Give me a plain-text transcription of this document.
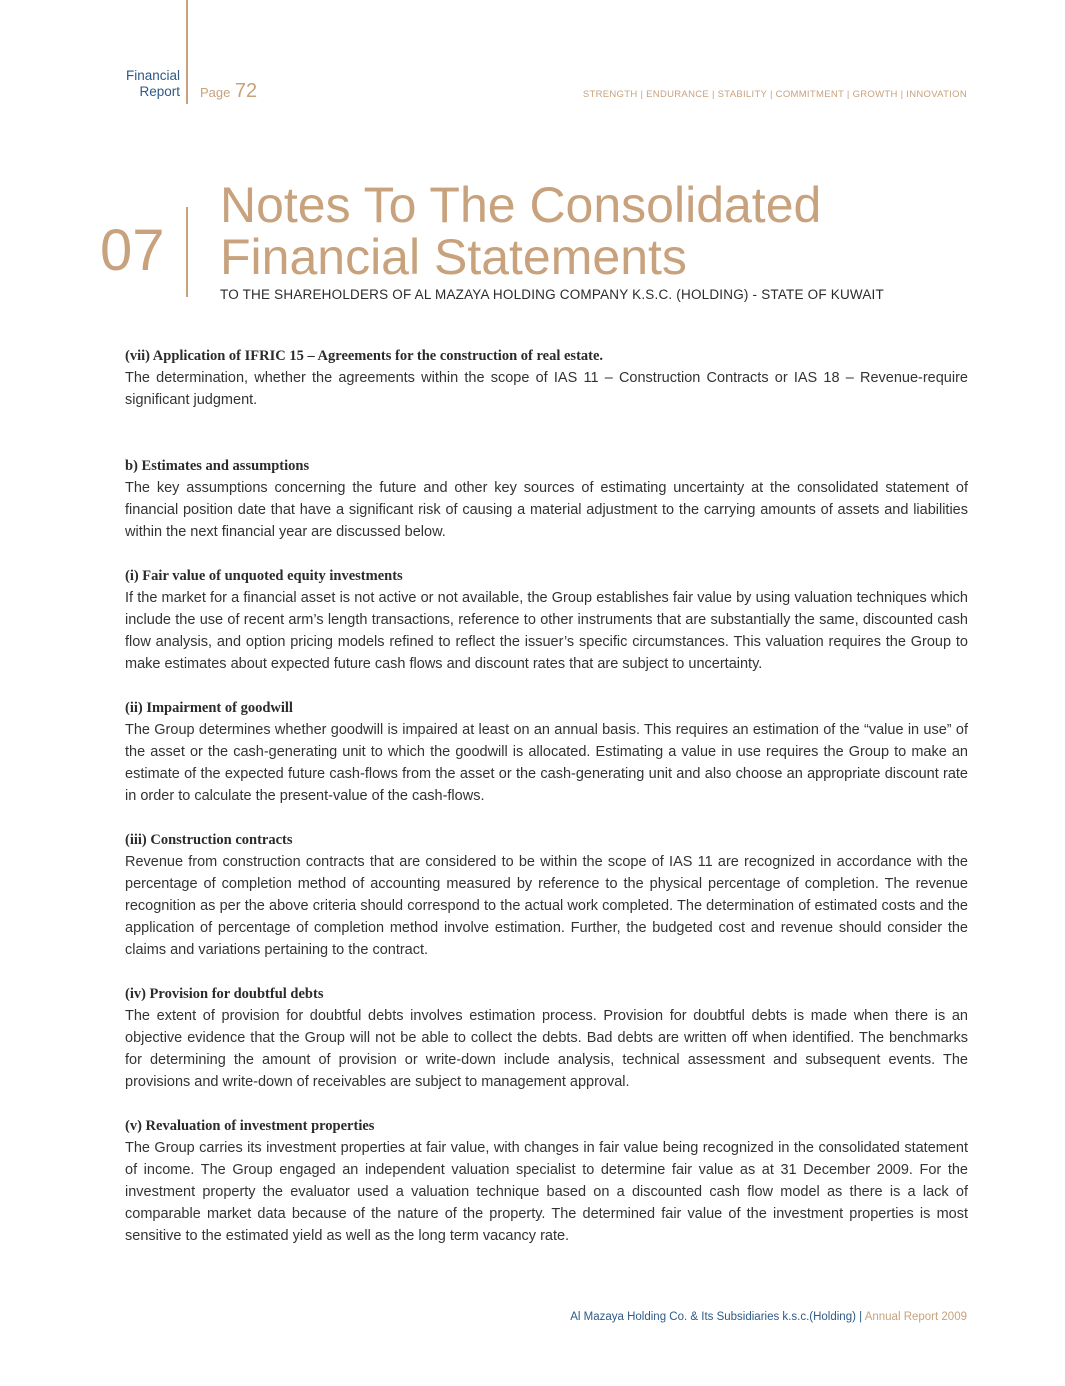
Financial
Report Page 72	STRENGTH | ENDURANCE | STABILITY | COMMITMENT | GROWTH | INNOVATION
07
Notes To The Consolidated
Financial Statements
TO THE SHAREHOLDERS OF AL MAZAYA HOLDING COMPANY K.S.C. (HOLDING) - STATE OF KUWAIT
(vii) Application of IFRIC 15 – Agreements for the construction of real estate.

The determination, whether the agreements within the scope of IAS 11 – Construction Contracts or IAS 18 – Revenue-require significant judgment.

b) Estimates and assumptions

The key assumptions concerning the future and other key sources of estimating uncertainty at the consolidated statement of financial position date that have a significant risk of causing a material adjustment to the carrying amounts of assets and liabilities within the next financial year are discussed below.

(i) Fair value of unquoted equity investments

If the market for a financial asset is not active or not available, the Group establishes fair value by using valuation techniques which include the use of recent arm’s length transactions, reference to other instruments that are substantially the same, discounted cash flow analysis, and option pricing models refined to reflect the issuer’s specific circumstances. This valuation requires the Group to make estimates about expected future cash flows and discount rates that are subject to uncertainty.

(ii) Impairment of goodwill

The Group determines whether goodwill is impaired at least on an annual basis. This requires an estimation of the “value in use” of the asset or the cash-generating unit to which the goodwill is allocated. Estimating a value in use requires the Group to make an estimate of the expected future cash-flows from the asset or the cash-generating unit and also choose an appropriate discount rate in order to calculate the present-value of the cash-flows.

(iii) Construction contracts

Revenue from construction contracts that are considered to be within the scope of IAS 11 are recognized in accordance with the percentage of completion method of accounting measured by reference to the physical percentage of completion. The revenue recognition as per the above criteria should correspond to the actual work completed. The determination of estimated costs and the application of percentage of completion method involve estimation. Further, the budgeted cost and revenue should consider the claims and variations pertaining to the contract.

(iv) Provision for doubtful debts

The extent of provision for doubtful debts involves estimation process. Provision for doubtful debts is made when there is an objective evidence that the Group will not be able to collect the debts. Bad debts are written off when identified. The benchmarks for determining the amount of provision or write-down include analysis, technical assessment and subsequent events. The provisions and write-down of receivables are subject to management approval.

(v) Revaluation of investment properties

The Group carries its investment properties at fair value, with changes in fair value being recognized in the consolidated statement of income. The Group engaged an independent valuation specialist to determine fair value as at 31 December 2009. For the investment property the evaluator used a valuation technique based on a discounted cash flow model as there is a lack of comparable market data because of the nature of the property. The determined fair value of the investment properties is most sensitive to the estimated yield as well as the long term vacancy rate.

Al Mazaya Holding Co. & Its Subsidiaries k.s.c.(Holding) | Annual Report 2009
